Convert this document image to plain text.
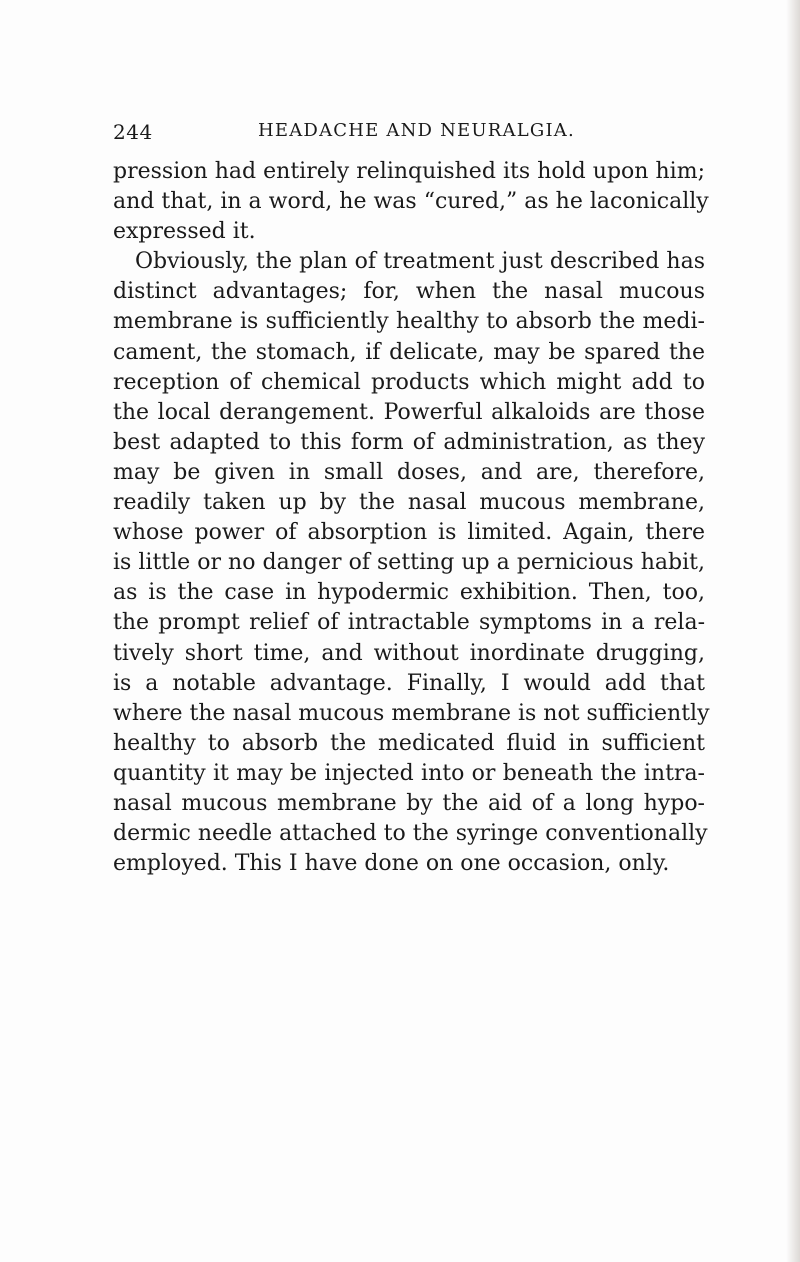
244	HEADACHE AND NEURALGIA.
pression had entirely relinquished its hold upon him;
and that, in a word, he was “cured,” as he laconically
expressed it.
Obviously, the plan of treatment just described has
distinct advantages; for, when the nasal mucous
membrane is sufficiently healthy to absorb the medi-
cament, the stomach, if delicate, may be spared the
reception of chemical products which might add to
the local derangement. Powerful alkaloids are those
best adapted to this form of administration, as they
may be given in small doses, and are, therefore,
readily taken up by the nasal mucous membrane,
whose power of absorption is limited. Again, there
is little or no danger of setting up a pernicious habit,
as is the case in hypodermic exhibition. Then, too,
the prompt relief of intractable symptoms in a rela-
tively short time, and without inordinate drugging,
is a notable advantage. Finally, I would add that
where the nasal mucous membrane is not sufficiently
healthy to absorb the medicated fluid in sufficient
quantity it may be injected into or beneath the intra-
nasal mucous membrane by the aid of a long hypo-
dermic needle attached to the syringe conventionally
employed. This I have done on one occasion, only.
